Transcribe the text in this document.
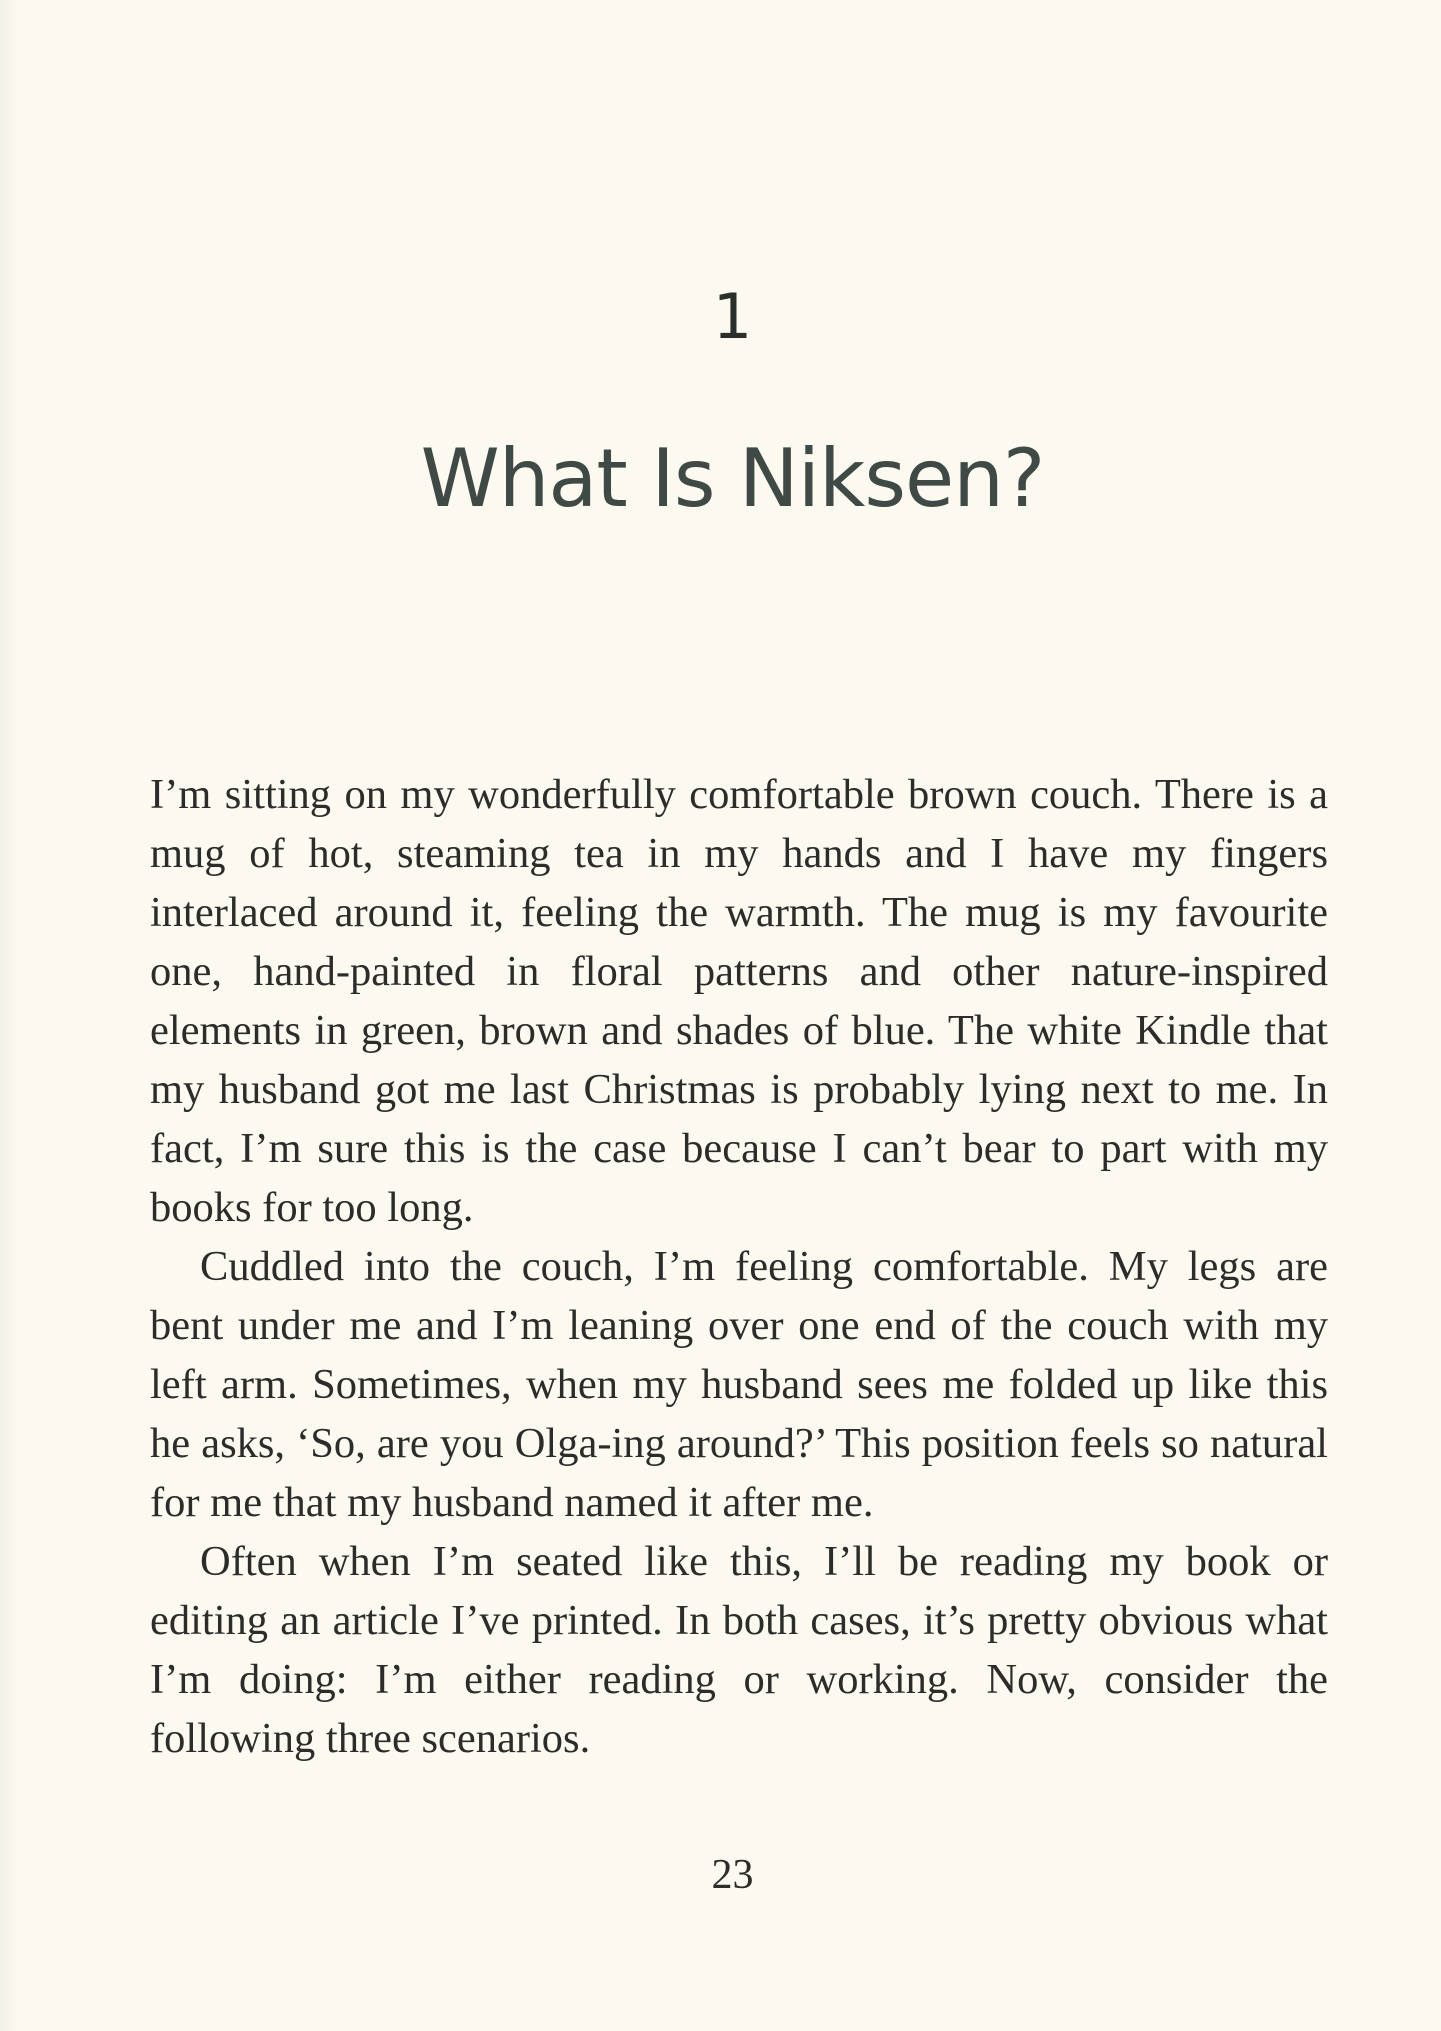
1
What Is Niksen?

I’m sitting on my wonderfully comfortable brown couch. There is a mug of hot, steaming tea in my hands and I have my fingers interlaced around it, feeling the warmth. The mug is my favourite one, hand-painted in floral patterns and other nature-inspired elements in green, brown and shades of blue. The white Kindle that my husband got me last Christmas is probably lying next to me. In fact, I’m sure this is the case because I can’t bear to part with my books for too long.

Cuddled into the couch, I’m feeling comfortable. My legs are bent under me and I’m leaning over one end of the couch with my left arm. Sometimes, when my husband sees me folded up like this he asks, ‘So, are you Olga-ing around?’ This position feels so natural for me that my husband named it after me.

Often when I’m seated like this, I’ll be reading my book or editing an article I’ve printed. In both cases, it’s pretty obvious what I’m doing: I’m either reading or working. Now, consider the following three scenarios.

23
